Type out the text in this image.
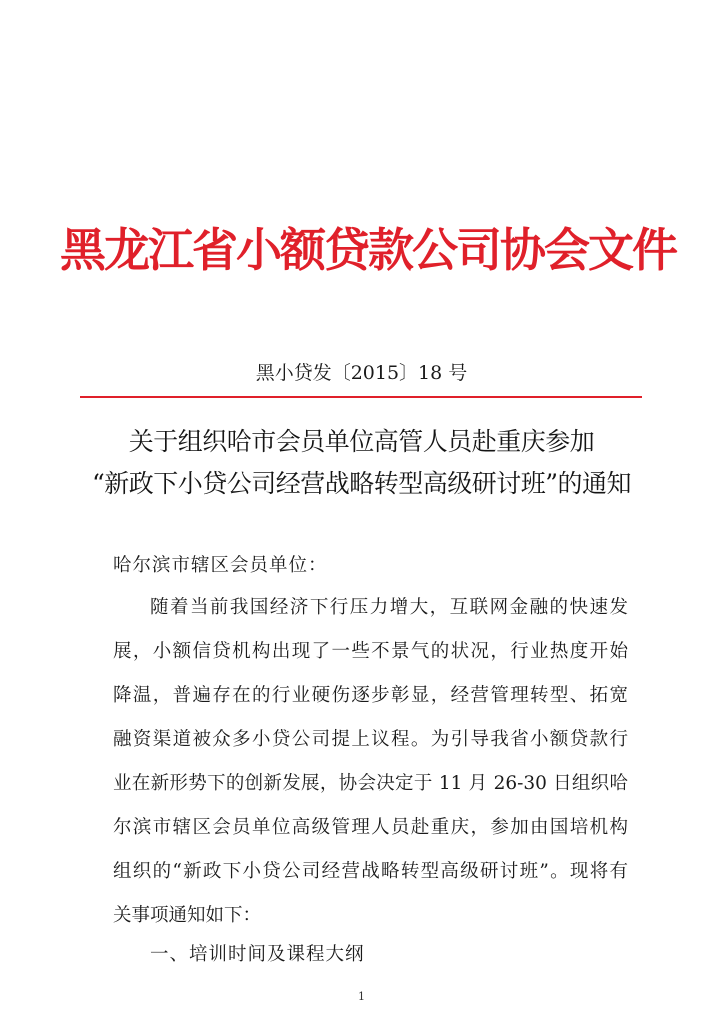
黑龙江省小额贷款公司协会文件
黑小贷发〔2015〕18 号
关于组织哈市会员单位高管人员赴重庆参加
“新政下小贷公司经营战略转型高级研讨班”的通知
哈尔滨市辖区会员单位：
随着当前我国经济下行压力增大，互联网金融的快速发
展，小额信贷机构出现了一些不景气的状况，行业热度开始
降温，普遍存在的行业硬伤逐步彰显，经营管理转型、拓宽
融资渠道被众多小贷公司提上议程。为引导我省小额贷款行
业在新形势下的创新发展，协会决定于 11 月 26-30 日组织哈
尔滨市辖区会员单位高级管理人员赴重庆，参加由国培机构
组织的“新政下小贷公司经营战略转型高级研讨班”。现将有
关事项通知如下：
一、培训时间及课程大纲
1
